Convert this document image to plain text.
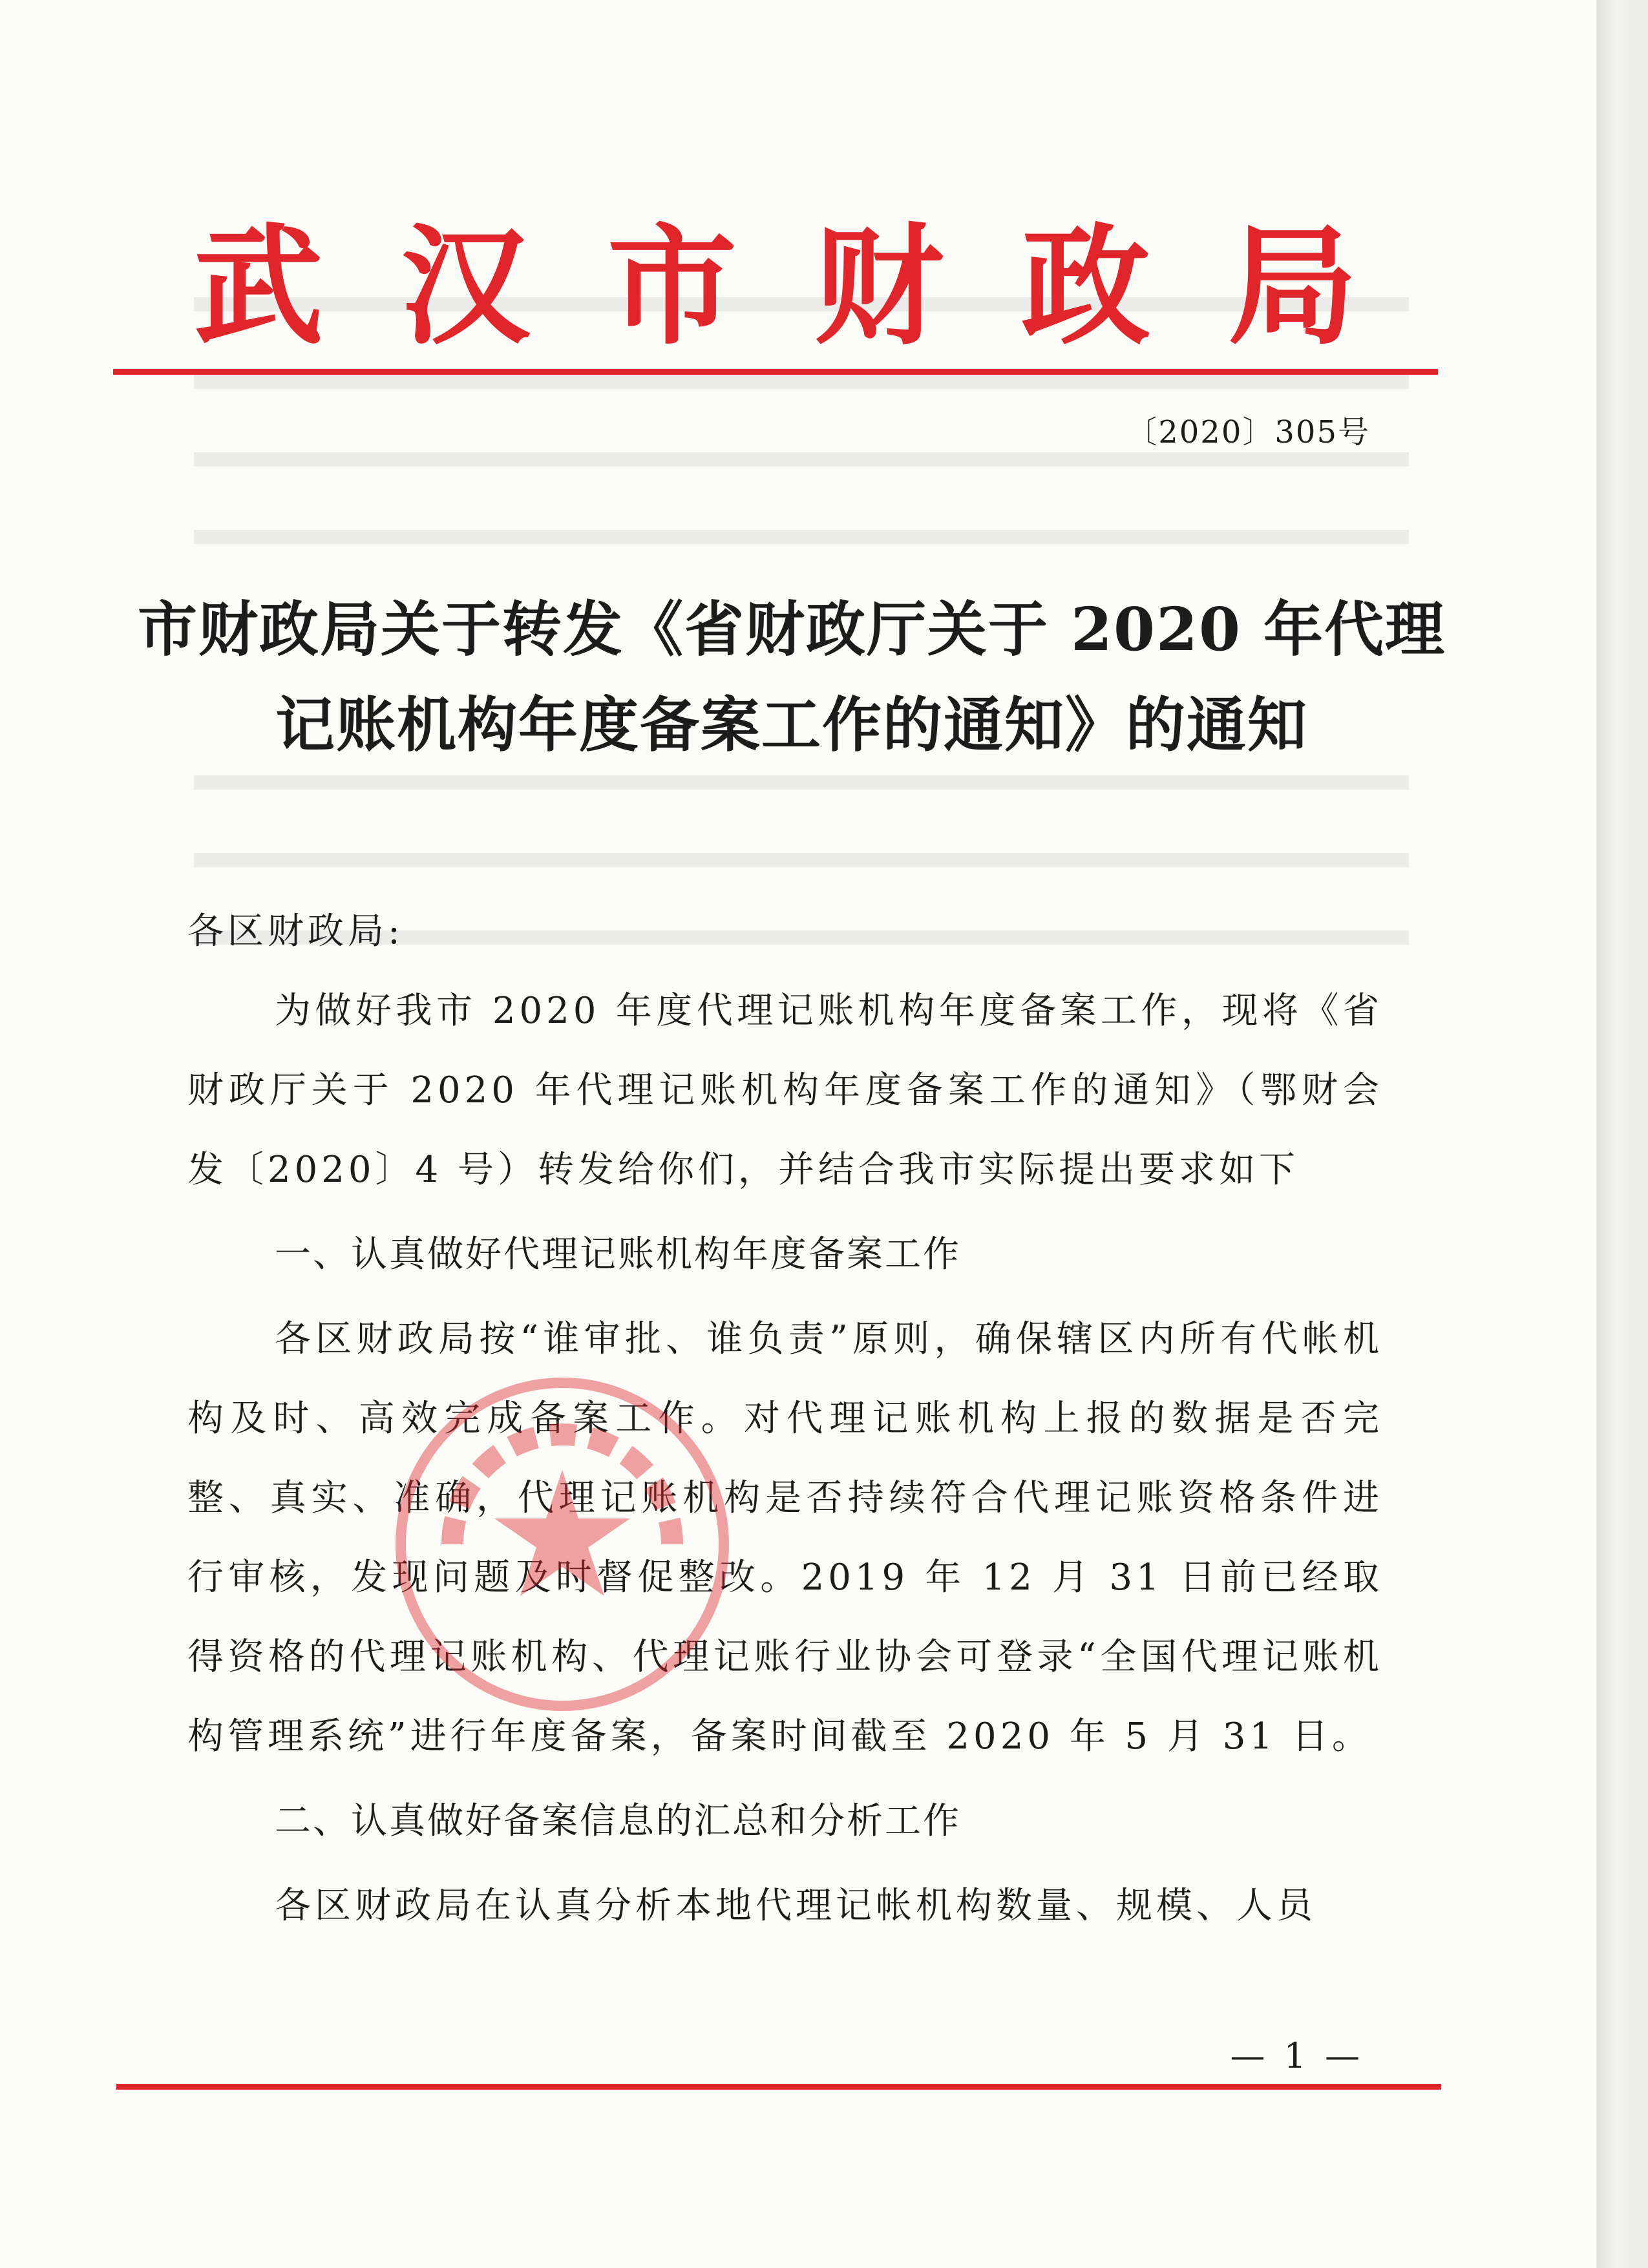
武 汉 市 财 政 局
〔2020〕305号
市财政局关于转发《省财政厅关于 2020 年代理
记账机构年度备案工作的通知》的通知

各区财政局:

为做好我市 2020 年度代理记账机构年度备案工作，现将《省财政厅关于 2020 年代理记账机构年度备案工作的通知》（鄂财会发〔2020〕4 号）转发给你们，并结合我市实际提出要求如下

一、认真做好代理记账机构年度备案工作

各区财政局按“谁审批、谁负责”原则，确保辖区内所有代帐机构及时、高效完成备案工作。对代理记账机构上报的数据是否完整、真实、准确，代理记账机构是否持续符合代理记账资格条件进行审核，发现问题及时督促整改。2019 年 12 月 31 日前已经取得资格的代理记账机构、代理记账行业协会可登录“全国代理记账机构管理系统”进行年度备案，备案时间截至 2020 年 5 月 31 日。

二、认真做好备案信息的汇总和分析工作

各区财政局在认真分析本地代理记帐机构数量、规模、人员

— 1 —
